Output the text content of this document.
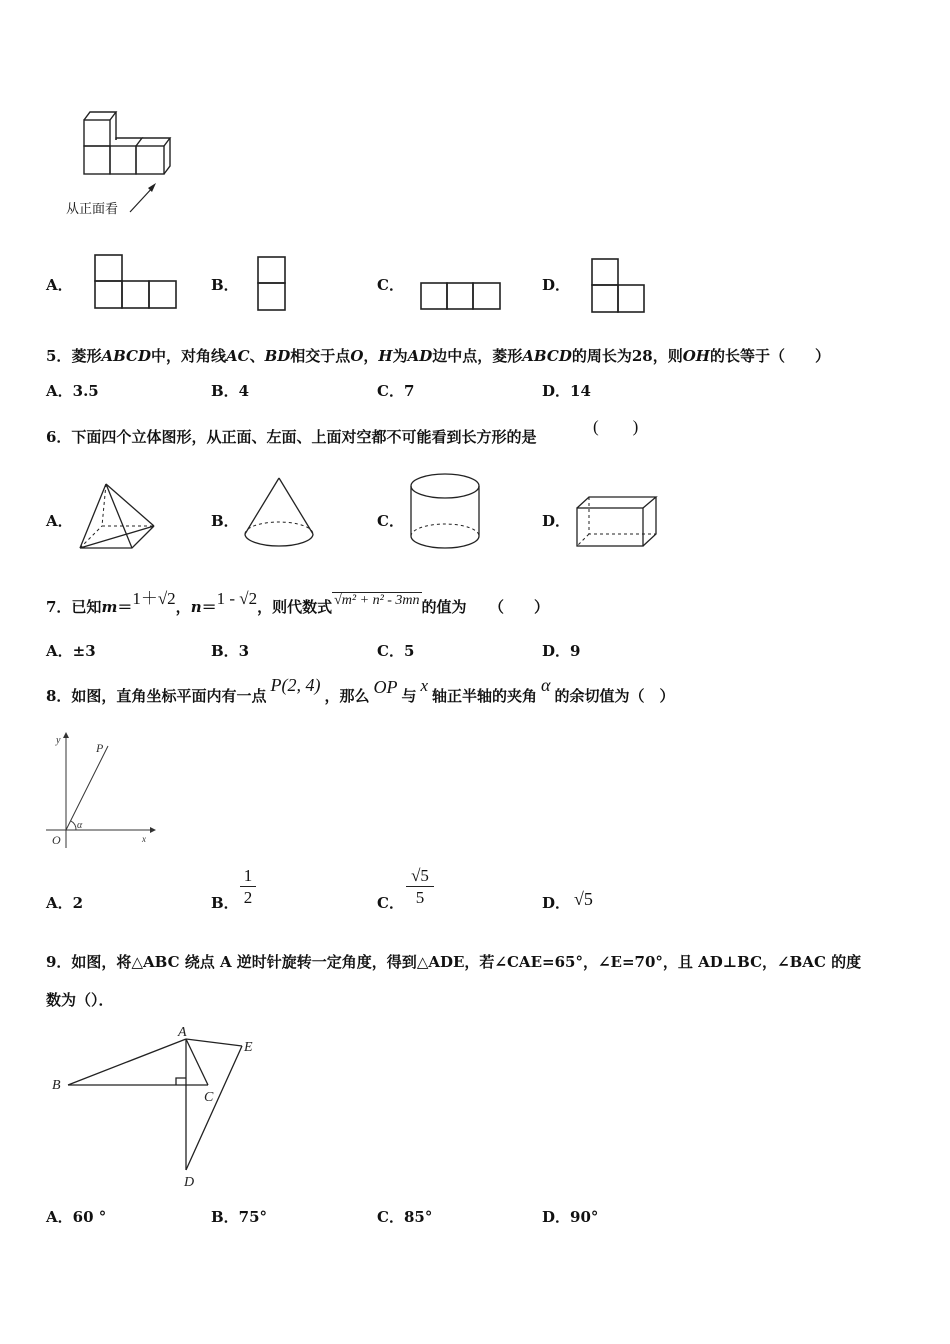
从正面看
A．	B．	C．	D．
5．菱形ABCD中，对角线AC、BD相交于点O，H为AD边中点，菱形ABCD的周长为28，则OH的长等于（　　）
A．3.5	B．4	C．7	D．14
6．下面四个立体图形，从正面、左面、上面对空都不可能看到长方形的是
(　　)
A．	B．	C．	D．
7．已知m＝1＋√2，n＝1 - √2，则代数式 √m² + n² - 3mn 的值为　　（　　）
A．±3	B．3	C．5	D．9
8．如图，直角坐标平面内有一点P(2, 4)，那么 OP 与x轴正半轴的夹角α的余切值为（　）
y
P
O
α
x
A．2	B．
1
2	C．
√5
5	D． √5
9．如图，将△ABC 绕点 A 逆时针旋转一定角度，得到△ADE，若∠CAE=65°，∠E=70°，且 AD⊥BC，∠BAC 的度
数为（）．
A
B
C
D
E
A．60 °	B．75°	C．85°	D．90°
